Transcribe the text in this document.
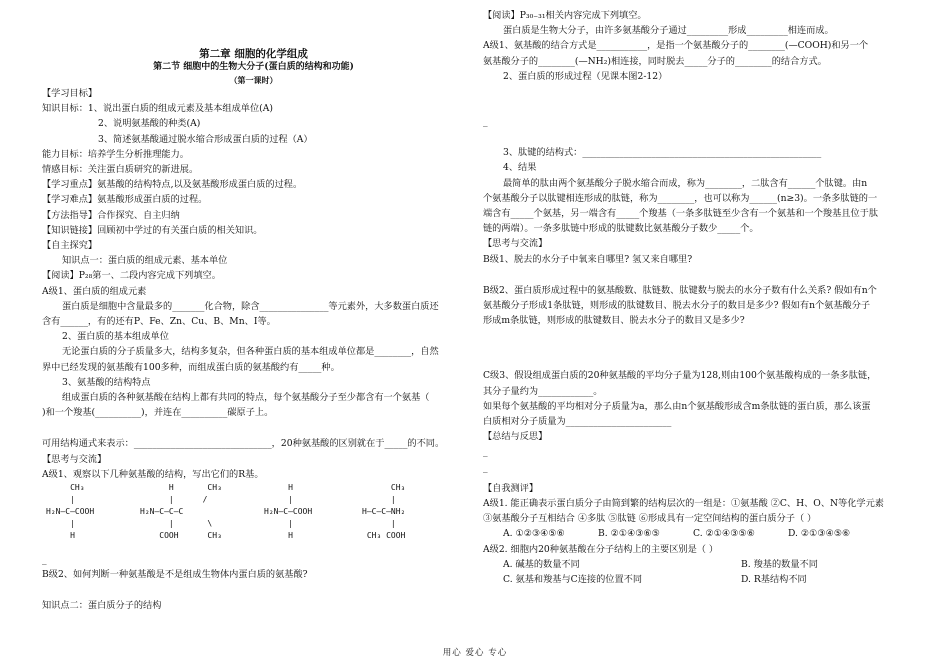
第二章 细胞的化学组成

第二节 细胞中的生物大分子(蛋白质的结构和功能)

（第一课时）

【学习目标】

知识目标：1、说出蛋白质的组成元素及基本组成单位(A)

2、说明氨基酸的种类(A)

3、简述氨基酸通过脱水缩合形成蛋白质的过程（A）

能力目标：培养学生分析推理能力。

情感目标：关注蛋白质研究的新进展。

【学习重点】氨基酸的结构特点,以及氨基酸形成蛋白质的过程。

【学习难点】氨基酸形成蛋白质的过程。

【方法指导】合作探究、自主归纳

【知识链接】回顾初中学过的有关蛋白质的相关知识。

【自主探究】

知识点一：蛋白质的组成元素、基本单位

【阅读】P₂₈第一、二段内容完成下列填空。

A级1、蛋白质的组成元素

蛋白质是细胞中含量最多的_______化合物，除含_______________等元素外，大多数蛋白质还

含有______，有的还有P、Fe、Zn、Cu、B、Mn、I等。

2、蛋白质的基本组成单位

无论蛋白质的分子质量多大，结构多复杂，但各种蛋白质的基本组成单位都是________，自然

界中已经发现的氨基酸有100多种，而组成蛋白质的氨基酸约有_____种。

3、氨基酸的结构特点

组成蛋白质的各种氨基酸在结构上都有共同的特点，每个氨基酸分子至少都含有一个氨基（

)和一个羧基(__________)，并连在__________碳原子上。

可用结构通式来表示：______________________________，20种氨基酸的区别就在于_____的不同。

【思考与交流】

A级1、观察以下几种氨基酸的结构，写出它们的R基。

CH₃
|
H₂N—C—COOH
|
H
H       CH₃
|      /
H₂N—C—C—C
|       \
COOH      CH₃
H
|
H₂N—C—COOH
|
H
CH₃
|
H—C—C—NH₂
|
CH₃ COOH

_

B级2、如何判断一种氨基酸是不是组成生物体内蛋白质的氨基酸?

知识点二：蛋白质分子的结构

【阅读】P₃₀₋₃₁相关内容完成下列填空。

蛋白质是生物大分子，由许多氨基酸分子通过_________形成_________相连而成。

A级1、氨基酸的结合方式是___________，是指一个氨基酸分子的________(—COOH)和另一个

氨基酸分子的________(—NH₂)相连接，同时脱去_____分子的________的结合方式。

2、蛋白质的形成过程（见课本图2-12）

_

3、肽键的结构式：____________________________________________________

4、结果

最简单的肽由两个氨基酸分子脱水缩合而成，称为________，二肽含有______个肽键。由n

个氨基酸分子以肽键相连形成的肽链，称为________，也可以称为______(n≥3)。一条多肽链的一

端含有_____个氨基，另一端含有_____个羧基（一条多肽链至少含有一个氨基和一个羧基且位于肽

链的两端）。一条多肽链中形成的肽键数比氨基酸分子数少_____个。

【思考与交流】

B级1、脱去的水分子中氧来自哪里? 氢又来自哪里?

B级2、蛋白质形成过程中的氨基酸数、肽链数、肽键数与脱去的水分子数有什么关系? 假如有n个

氨基酸分子形成1条肽链，则形成的肽键数目、脱去水分子的数目是多少? 假如有n个氨基酸分子

形成m条肽链，则形成的肽键数目、脱去水分子的数目又是多少?

C级3、假设组成蛋白质的20种氨基酸的平均分子量为128,则由100个氨基酸构成的一条多肽链，

其分子量约为____________。

如果每个氨基酸的平均相对分子质量为a，那么由n个氨基酸形成含m条肽链的蛋白质，那么该蛋

白质相对分子质量为_______________________

【总结与反思】

_

_

【自我测评】

A级1. 能正确表示蛋白质分子由简到繁的结构层次的一组是：①氨基酸 ②C、H、O、N等化学元素

③氨基酸分子互相结合 ④多肽 ⑤肽链 ⑥形成具有一定空间结构的蛋白质分子（ ）

A. ①②③④⑤⑥	B. ②①④③⑥⑤	C. ②①④③⑤⑥	D. ②①③④⑤⑥

A级2. 细胞内20种氨基酸在分子结构上的主要区别是（ ）

A. 碱基的数量不同	B. 羧基的数量不同

C. 氨基和羧基与C连接的位置不同	D. R基结构不同

用心 爱心 专心
